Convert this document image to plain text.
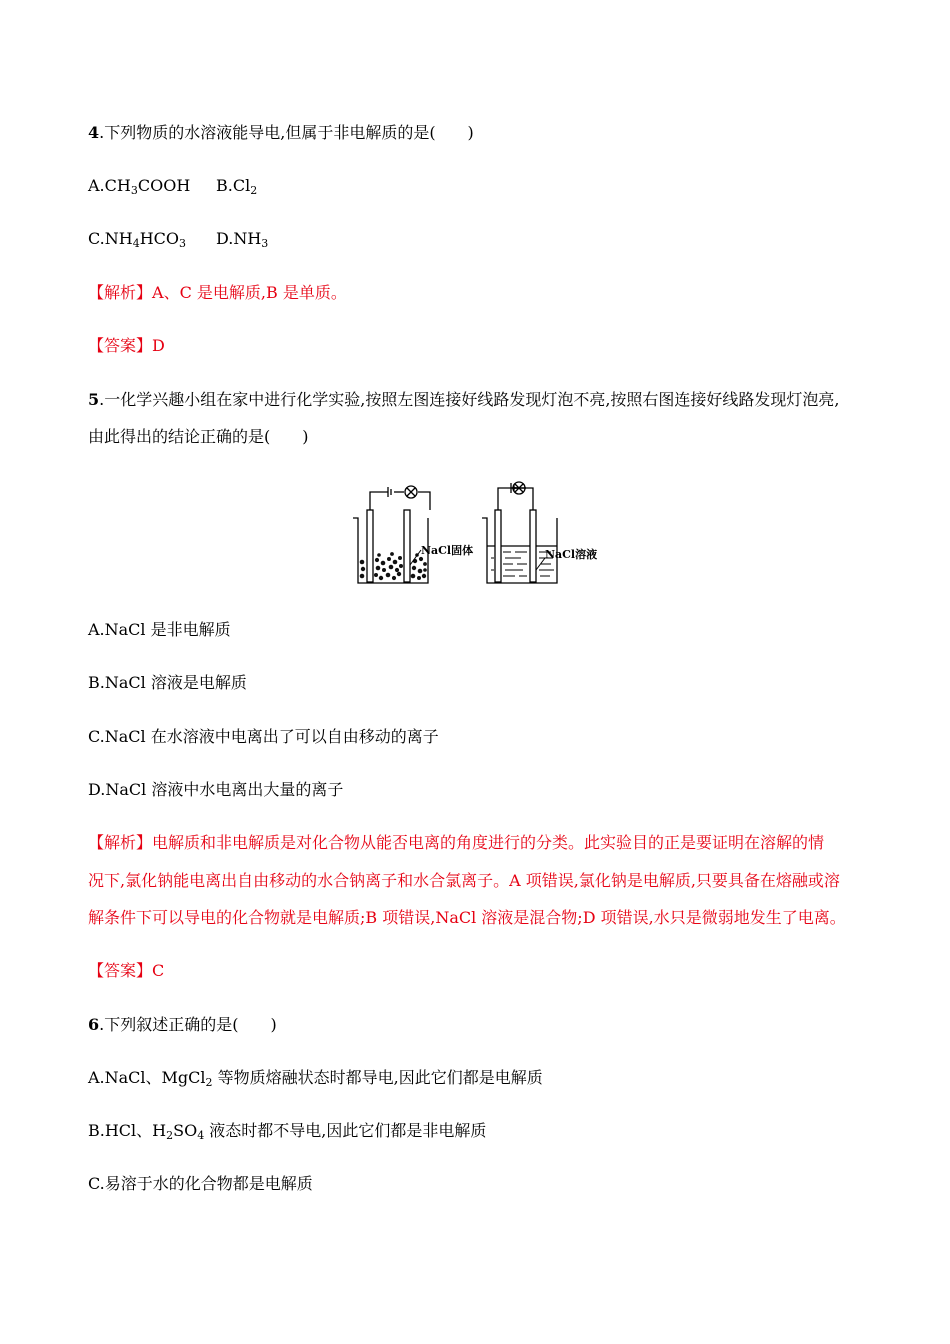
4.下列物质的水溶液能导电,但属于非电解质的是(　　)
$A.CH_3COOH$ $B.Cl_2$
$C.NH_4HCO_3$ $D.NH_3$
【解析】A、C 是电解质,B 是单质。
【答案】D
5.一化学兴趣小组在家中进行化学实验,按照左图连接好线路发现灯泡不亮,按照右图连接好线路发现灯泡亮,
由此得出的结论正确的是(　　)
NaCl固体	NaCl溶液
A.NaCl 是非电解质
B.NaCl 溶液是电解质
C.NaCl 在水溶液中电离出了可以自由移动的离子
D.NaCl 溶液中水电离出大量的离子
【解析】电解质和非电解质是对化合物从能否电离的角度进行的分类。此实验目的正是要证明在溶解的情
况下,氯化钠能电离出自由移动的水合钠离子和水合氯离子。A 项错误,氯化钠是电解质,只要具备在熔融或溶
解条件下可以导电的化合物就是电解质;B 项错误,NaCl 溶液是混合物;D 项错误,水只是微弱地发生了电离。
【答案】C
6.下列叙述正确的是(　　)
A.NaCl、MgCl$_2$ 等物质熔融状态时都导电,因此它们都是电解质
B.HCl、$H_2SO_4$ 液态时都不导电,因此它们都是非电解质
C.易溶于水的化合物都是电解质
